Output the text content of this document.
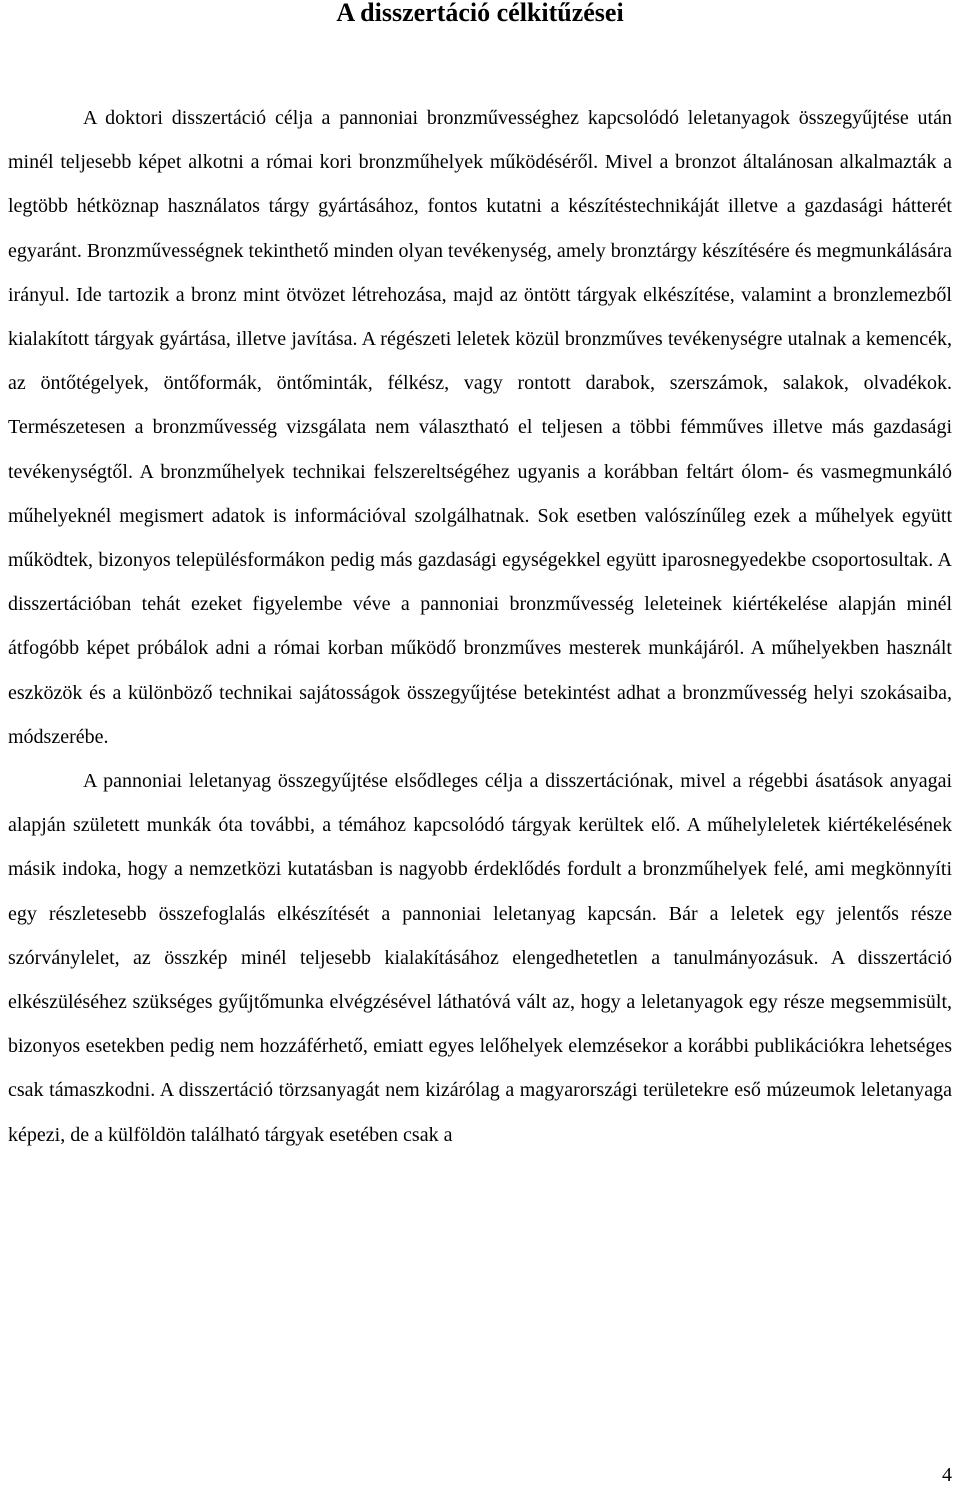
A disszertáció célkitűzései

A doktori disszertáció célja a pannoniai bronzművességhez kapcsolódó leletanyagok összegyűjtése után minél teljesebb képet alkotni a római kori bronzműhelyek működéséről. Mivel a bronzot általánosan alkalmazták a legtöbb hétköznap használatos tárgy gyártásához, fontos kutatni a készítéstechnikáját illetve a gazdasági hátterét egyaránt. Bronzművességnek tekinthető minden olyan tevékenység, amely bronztárgy készítésére és megmunkálására irányul. Ide tartozik a bronz mint ötvözet létrehozása, majd az öntött tárgyak elkészítése, valamint a bronzlemezből kialakított tárgyak gyártása, illetve javítása. A régészeti leletek közül bronzműves tevékenységre utalnak a kemencék, az öntőtégelyek, öntőformák, öntőminták, félkész, vagy rontott darabok, szerszámok, salakok, olvadékok. Természetesen a bronzművesség vizsgálata nem választható el teljesen a többi fémműves illetve más gazdasági tevékenységtől. A bronzműhelyek technikai felszereltségéhez ugyanis a korábban feltárt ólom- és vasmegmunkáló műhelyeknél megismert adatok is információval szolgálhatnak. Sok esetben valószínűleg ezek a műhelyek együtt működtek, bizonyos településformákon pedig más gazdasági egységekkel együtt iparosnegyedekbe csoportosultak. A disszertációban tehát ezeket figyelembe véve a pannoniai bronzművesség leleteinek kiértékelése alapján minél átfogóbb képet próbálok adni a római korban működő bronzműves mesterek munkájáról. A műhelyekben használt eszközök és a különböző technikai sajátosságok összegyűjtése betekintést adhat a bronzművesség helyi szokásaiba, módszerébe.

A pannoniai leletanyag összegyűjtése elsődleges célja a disszertációnak, mivel a régebbi ásatások anyagai alapján született munkák óta további, a témához kapcsolódó tárgyak kerültek elő. A műhelyleletek kiértékelésének másik indoka, hogy a nemzetközi kutatásban is nagyobb érdeklődés fordult a bronzműhelyek felé, ami megkönnyíti egy részletesebb összefoglalás elkészítését a pannoniai leletanyag kapcsán. Bár a leletek egy jelentős része szórványlelet, az összkép minél teljesebb kialakításához elengedhetetlen a tanulmányozásuk. A disszertáció elkészüléséhez szükséges gyűjtőmunka elvégzésével láthatóvá vált az, hogy a leletanyagok egy része megsemmisült, bizonyos esetekben pedig nem hozzáférhető, emiatt egyes lelőhelyek elemzésekor a korábbi publikációkra lehetséges csak támaszkodni. A disszertáció törzsanyagát nem kizárólag a magyarországi területekre eső múzeumok leletanyaga képezi, de a külföldön található tárgyak esetében csak a

4
